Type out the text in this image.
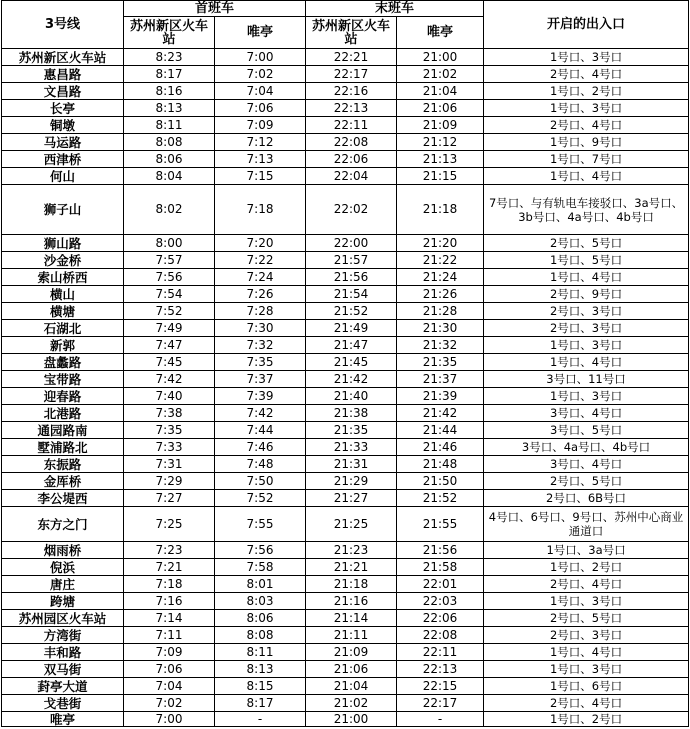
3号线	首班车		末班车		开启的出入口
	苏州新区火车站	唯亭	苏州新区火车站	唯亭	
苏州新区火车站	8:23	7:00	22:21	21:00	1号口、3号口
惠昌路	8:17	7:02	22:17	21:02	2号口、4号口
文昌路	8:16	7:04	22:16	21:04	1号口、2号口
长亭	8:13	7:06	22:13	21:06	1号口、3号口
铜墩	8:11	7:09	22:11	21:09	2号口、4号口
马运路	8:08	7:12	22:08	21:12	1号口、9号口
西津桥	8:06	7:13	22:06	21:13	1号口、7号口
何山	8:04	7:15	22:04	21:15	1号口、4号口
狮子山	8:02	7:18	22:02	21:18	7号口、与有轨电车接驳口、3a号口、3b号口、4a号口、4b号口
狮山路	8:00	7:20	22:00	21:20	2号口、5号口
沙金桥	7:57	7:22	21:57	21:22	1号口、5号口
索山桥西	7:56	7:24	21:56	21:24	1号口、4号口
横山	7:54	7:26	21:54	21:26	2号口、9号口
横塘	7:52	7:28	21:52	21:28	2号口、3号口
石湖北	7:49	7:30	21:49	21:30	2号口、3号口
新郭	7:47	7:32	21:47	21:32	1号口、3号口
盘蠡路	7:45	7:35	21:45	21:35	1号口、4号口
宝带路	7:42	7:37	21:42	21:37	3号口、11号口
迎春路	7:40	7:39	21:40	21:39	1号口、3号口
北港路	7:38	7:42	21:38	21:42	3号口、4号口
通园路南	7:35	7:44	21:35	21:44	3号口、5号口
墅浦路北	7:33	7:46	21:33	21:46	3号口、4a号口、4b号口
东振路	7:31	7:48	21:31	21:48	3号口、4号口
金厍桥	7:29	7:50	21:29	21:50	2号口、5号口
李公堤西	7:27	7:52	21:27	21:52	2号口、6B号口
东方之门	7:25	7:55	21:25	21:55	4号口、6号口、9号口、苏州中心商业通道口
烟雨桥	7:23	7:56	21:23	21:56	1号口、3a号口
倪浜	7:21	7:58	21:21	21:58	1号口、2号口
唐庄	7:18	8:01	21:18	22:01	2号口、4号口
跨塘	7:16	8:03	21:16	22:03	1号口、3号口
苏州园区火车站	7:14	8:06	21:14	22:06	2号口、5号口
方湾街	7:11	8:08	21:11	22:08	2号口、3号口
丰和路	7:09	8:11	21:09	22:11	1号口、4号口
双马街	7:06	8:13	21:06	22:13	1号口、3号口
葑亭大道	7:04	8:15	21:04	22:15	1号口、6号口
戈巷街	7:02	8:17	21:02	22:17	2号口、4号口
唯亭	7:00	-	21:00	-	1号口、2号口
